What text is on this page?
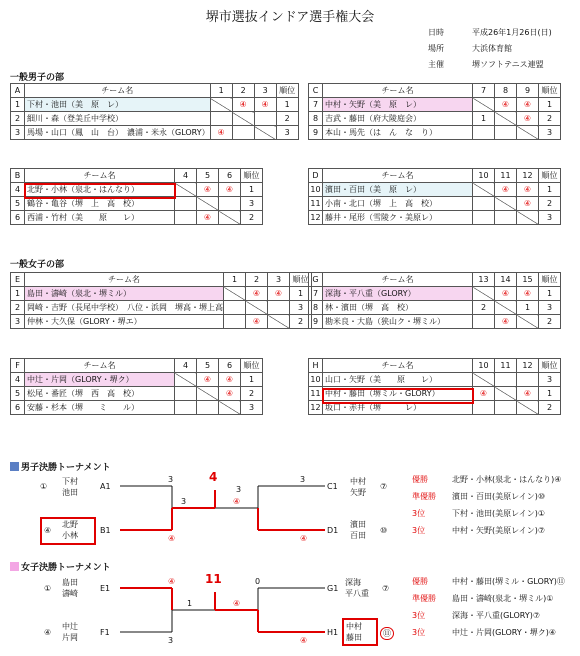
堺市選抜インドア選手権大会
日時	平成26年1月26日(日)
場所	大浜体育館
主催	堺ソフトテニス連盟
一般男子の部
一般女子の部
A	チーム名	1	2	3	順位
1	下村・池田（美　原　レ）		④	④	1
2	細川・森（登美丘中学校）				2
3	馬場・山口（鳳　山　台）　濃浦・米永（GLORY）	④			3
B	チーム名	4	5	6	順位
4	北野・小林（泉北・はんなり）		④	④	1
5	鶴谷・亀谷（堺　上　高　校）				3
6	西浦・竹村（美　　原　　レ）		④		2
C	チーム名	7	8	9	順位
7	中村・矢野（美　原　レ）		④	④	1
8	吉武・藤田（府大陵庭会）	1		④	2
9	本山・馬先（は　ん　な　り）				3
D	チーム名	10	11	12	順位
10	濱田・百田（美　原　レ）		④	④	1
11	小南・北口（堺　上　高　校）			④	2
12	藤井・尾形（雪陵ク・美原レ）				3
E	チーム名	1	2	3	順位
1	島田・濤崎（泉北・堺ミル）		④	④	1
2	岡崎・吉野（長尾中学校）　八位・浜岡　堺高・堺上高				3
3	仲林・大久保（GLORY・堺エ）		④		2
F	チーム名	4	5	6	順位
4	中辻・片岡（GLORY・堺ク）		④	④	1
5	松尾・番匠（堺　西　高　校）			④	2
6	安藤・杉本（堺　　ミ　　ル）				3
G	チーム名	13	14	15	順位
7	深海・平八重（GLORY）		④	④	1
8	林・濱田（堺　高　校）	2		1	3
9	勘米良・大島（狭山ク・堺ミル）		④		2
H	チーム名	10	11	12	順位
10	山口・矢野（美　　原　　レ）				3
11	中村・藤田（堺ミル・GLORY）	④		④	1
12	坂口・赤井（堺　　　レ）				2
男子決勝トーナメント
女子決勝トーナメント
①
下村
池田
A1
3
④
北野
小林
B1
④
4
3	④
3
3
C1
中村
矢野
⑦
④
D1
濱田
百田
⑩
優勝	北野・小林(泉北・はんなり)④
準優勝 濱田・百田(美原レイン)⑩
3位	下村・池田(美原レイン)①
3位	中村・矢野(美原レイン)⑦
①
島田
濤崎
E1
④
④
中辻
片岡
F1
3
11
1	④
0
G1
深海
平八重
⑦
④
H1
中村
藤田	⑪
優勝	中村・藤田(堺ミル・GLORY)⑪
準優勝 島田・濤崎(泉北・堺ミル)①
3位	深海・平八重(GLORY)⑦
3位	中辻・片岡(GLORY・堺ク)④
